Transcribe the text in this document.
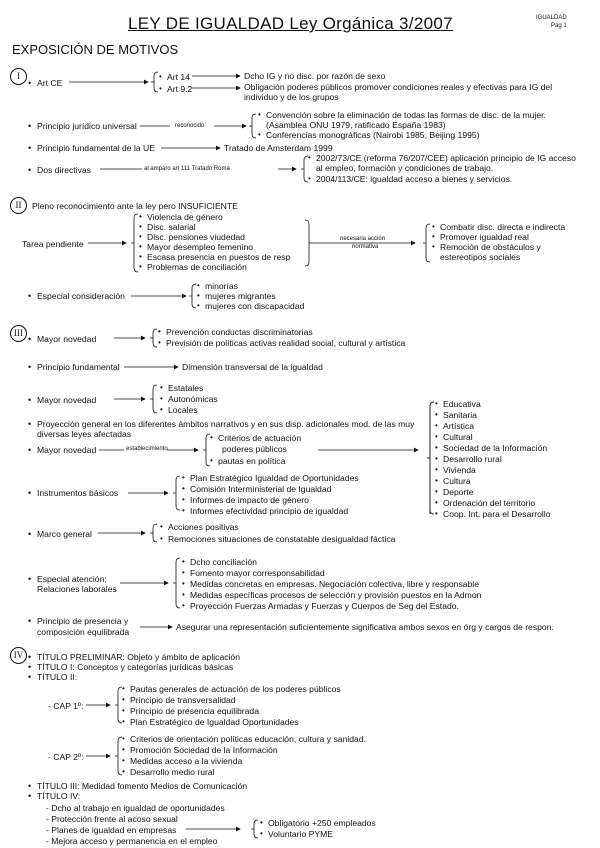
LEY DE IGUALDAD Ley Orgánica 3/2007	IGUALDAD
Pag 1
EXPOSICIÓN DE MOTIVOS
I
• Art CE
• Art 14
• Art 9.2
Dcho IG y no disc. por razón de sexo
Obligación poderes públicos promover condiciones reales y efectivas para IG del
individuo y de los grupos
• Principio jurídico universal	reconocido
• Convención sobre la eliminación de todas las formas de disc. de la mujer.
(Asamblea ONU 1979, ratificado España 1983)
• Conferencias monográficas (Nairobi 1985, Beijing 1995)
• Principio fundamental de la UE	Tratado de Amsterdam 1999
• Dos directivas	al amparo art 111 Tratado Roma
• 2002/73/CE (reforma 76/207/CEE) aplicación principio de IG acceso
al empleo, formación y condiciones de trabajo.
• 2004/113/CE: igualdad acceso a bienes y servicios.
II	Pleno reconocimiento ante la ley pero INSUFICIENTE
Tarea pendiente
• Violencia de género
• Disc. salarial
• Disc. pensiones viudedad
• Mayor desempleo femenino
• Escasa presencia en puestos de resp
• Problemas de conciliación
necesaria acción
normativa
• Combatir disc. directa e indirecta
• Promover igualdad real
• Remoción de obstáculos y
estereotipos sociales
• Especial consideración
• minorías
• mujeres migrantes
• mujeres con discapacidad
III
• Mayor novedad
• Prevención conductas discriminatorias
• Previsión de políticas activas realidad social, cultural y artística
• Principio fundamental	Dimensión transversal de la igualdad
• Mayor novedad
• Estatales
• Autonómicas
• Locales
• Proyección general en los diferentes ámbitos narrativos y en sus disp. adicionales mod. de las muy
diversas leyes afectadas
• Mayor novedad	establecimiento
• Criterios de actuación
poderes públicos
• pautas en política
• Educativa
• Sanitaria
• Artística
• Cultural
• Sociedad de la Información
• Desarrollo rural
• Vivienda
• Cultura
• Deporte
• Ordenación del territorio
• Coop. Int. para el Desarrollo
• Instrumentos básicos
• Plan Estratégico Igualdad de Oportunidades
• Comisión Interministerial de Igualdad
• Informes de impacto de género
• Informes efectividad principio de igualdad
• Marco general
• Acciones positivas
• Remociones situaciones de constatable desigualdad fáctica
• Especial atención:
Relaciones laborales
• Dcho conciliación
• Fomento mayor corresponsabilidad
• Medidas concretas en empresas. Negociación colectiva, libre y responsable
• Medidas específicas procesos de selección y provisión puestos en la Admon
• Proyección Fuerzas Armadas y Fuerzas y Cuerpos de Seg del Estado.
• Principio de presencia y
composición equilibrada	Asegurar una representación suficientemente significativa ambos sexos en órg y cargos de respon.
IV
•	TÍTULO PRELIMINAR: Objeto y ámbito de aplicación
• TÍTULO I: Conceptos y categorías jurídicas básicas
• TÍTULO II:
- CAP 1º:
• Pautas generales de actuación de los poderes públicos
• Principio de transversalidad
• Principio de presencia equilibrada
• Plan Estratégico de Igualdad Oportunidades
- CAP 2º:
• Criterios de orientación políticas educación, cultura y sanidad.
• Promoción Sociedad de la Información
• Medidas acceso a la vivienda
• Desarrollo medio rural
• TÍTULO III: Medidad fomento Medios de Comunicación
• TÍTULO IV:
- Dcho al trabajo en igualdad de oportunidades
- Protección frente al acoso sexual
- Planes de igualdad en empresas
- Mejora acceso y permanencia en el empleo
• Obligatorio +250 empleados
• Voluntario PYME
